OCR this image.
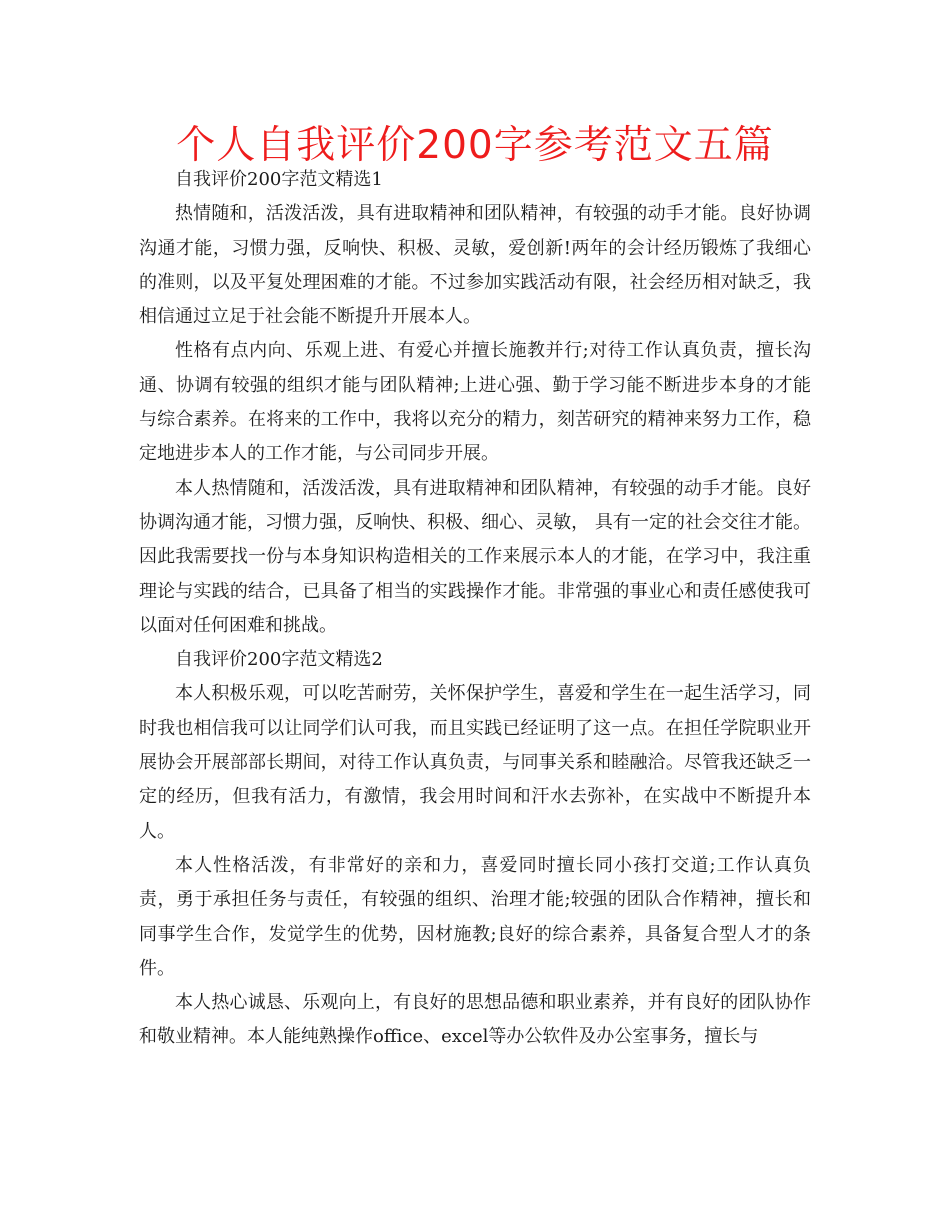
个人自我评价200字参考范文五篇

自我评价200字范文精选1

热情随和，活泼活泼，具有进取精神和团队精神，有较强的动手才能。良好协调沟通才能，习惯力强，反响快、积极、灵敏，爱创新!两年的会计经历锻炼了我细心的准则，以及平复处理困难的才能。不过参加实践活动有限，社会经历相对缺乏，我相信通过立足于社会能不断提升开展本人。

性格有点内向、乐观上进、有爱心并擅长施教并行;对待工作认真负责，擅长沟通、协调有较强的组织才能与团队精神;上进心强、勤于学习能不断进步本身的才能与综合素养。在将来的工作中，我将以充分的精力，刻苦研究的精神来努力工作，稳定地进步本人的工作才能，与公司同步开展。

本人热情随和，活泼活泼，具有进取精神和团队精神，有较强的动手才能。良好协调沟通才能，习惯力强，反响快、积极、细心、灵敏， 具有一定的社会交往才能。因此我需要找一份与本身知识构造相关的工作来展示本人的才能，在学习中，我注重理论与实践的结合，已具备了相当的实践操作才能。非常强的事业心和责任感使我可以面对任何困难和挑战。

自我评价200字范文精选2

本人积极乐观，可以吃苦耐劳，关怀保护学生，喜爱和学生在一起生活学习，同时我也相信我可以让同学们认可我，而且实践已经证明了这一点。在担任学院职业开展协会开展部部长期间，对待工作认真负责，与同事关系和睦融洽。尽管我还缺乏一定的经历，但我有活力，有激情，我会用时间和汗水去弥补，在实战中不断提升本人。

本人性格活泼，有非常好的亲和力，喜爱同时擅长同小孩打交道;工作认真负责，勇于承担任务与责任，有较强的组织、治理才能;较强的团队合作精神，擅长和同事学生合作，发觉学生的优势，因材施教;良好的综合素养，具备复合型人才的条件。

本人热心诚恳、乐观向上，有良好的思想品德和职业素养，并有良好的团队协作和敬业精神。本人能纯熟操作office、excel等办公软件及办公室事务，擅长与
